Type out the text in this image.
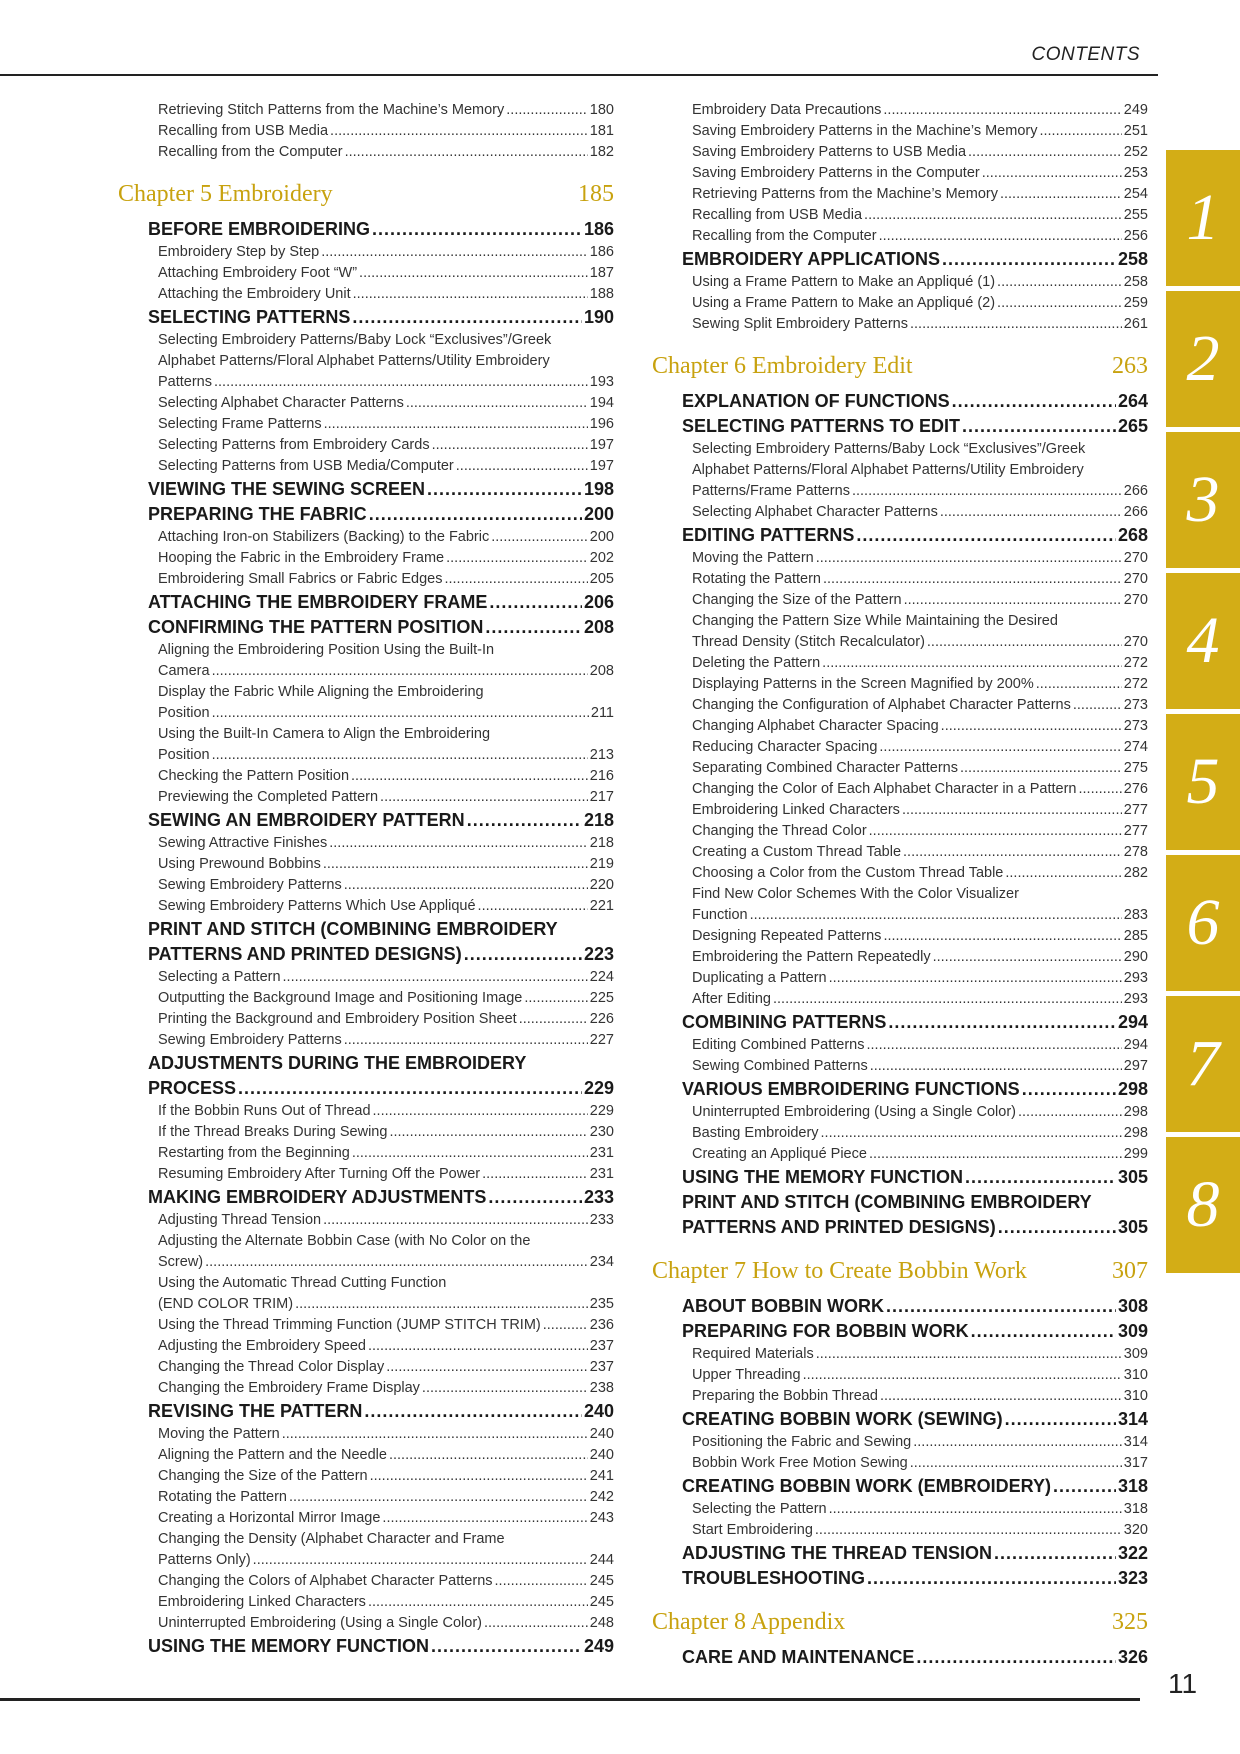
CONTENTS
Retrieving Stitch Patterns from the Machine’s Memory .....	180
Recalling from USB Media .....	181
Recalling from the Computer .....	182
Chapter 5 Embroidery	185
BEFORE EMBROIDERING .....	186
Embroidery Step by Step .....	186
Attaching Embroidery Foot “W” .....	187
Attaching the Embroidery Unit .....	188
SELECTING PATTERNS .....	190
Selecting Embroidery Patterns/Baby Lock “Exclusives”/Greek
Alphabet Patterns/Floral Alphabet Patterns/Utility Embroidery
Patterns .....	193
Selecting Alphabet Character Patterns .....	194
Selecting Frame Patterns .....	196
Selecting Patterns from Embroidery Cards .....	197
Selecting Patterns from USB Media/Computer .....	197
VIEWING THE SEWING SCREEN .....	198
PREPARING THE FABRIC .....	200
Attaching Iron-on Stabilizers (Backing) to the Fabric .....	200
Hooping the Fabric in the Embroidery Frame .....	202
Embroidering Small Fabrics or Fabric Edges .....	205
ATTACHING THE EMBROIDERY FRAME .....	206
CONFIRMING THE PATTERN POSITION .....	208
Aligning the Embroidering Position Using the Built-In
Camera .....	208
Display the Fabric While Aligning the Embroidering
Position .....	211
Using the Built-In Camera to Align the Embroidering
Position .....	213
Checking the Pattern Position .....	216
Previewing the Completed Pattern .....	217
SEWING AN EMBROIDERY PATTERN .....	218
Sewing Attractive Finishes .....	218
Using Prewound Bobbins .....	219
Sewing Embroidery Patterns .....	220
Sewing Embroidery Patterns Which Use Appliqué .....	221
PRINT AND STITCH (COMBINING EMBROIDERY
PATTERNS AND PRINTED DESIGNS) .....	223
Selecting a Pattern .....	224
Outputting the Background Image and Positioning Image .....	225
Printing the Background and Embroidery Position Sheet .....	226
Sewing Embroidery Patterns .....	227
ADJUSTMENTS DURING THE EMBROIDERY
PROCESS .....	229
If the Bobbin Runs Out of Thread .....	229
If the Thread Breaks During Sewing .....	230
Restarting from the Beginning .....	231
Resuming Embroidery After Turning Off the Power .....	231
MAKING EMBROIDERY ADJUSTMENTS .....	233
Adjusting Thread Tension .....	233
Adjusting the Alternate Bobbin Case (with No Color on the
Screw) .....	234
Using the Automatic Thread Cutting Function
(END COLOR TRIM) .....	235
Using the Thread Trimming Function (JUMP STITCH TRIM) .....	236
Adjusting the Embroidery Speed .....	237
Changing the Thread Color Display .....	237
Changing the Embroidery Frame Display .....	238
REVISING THE PATTERN .....	240
Moving the Pattern .....	240
Aligning the Pattern and the Needle .....	240
Changing the Size of the Pattern .....	241
Rotating the Pattern .....	242
Creating a Horizontal Mirror Image .....	243
Changing the Density (Alphabet Character and Frame
Patterns Only) .....	244
Changing the Colors of Alphabet Character Patterns .....	245
Embroidering Linked Characters .....	245
Uninterrupted Embroidering (Using a Single Color) .....	248
USING THE MEMORY FUNCTION .....	249
Embroidery Data Precautions .....	249
Saving Embroidery Patterns in the Machine’s Memory .....	251
Saving Embroidery Patterns to USB Media .....	252
Saving Embroidery Patterns in the Computer .....	253
Retrieving Patterns from the Machine’s Memory .....	254
Recalling from USB Media .....	255
Recalling from the Computer .....	256
EMBROIDERY APPLICATIONS .....	258
Using a Frame Pattern to Make an Appliqué (1) .....	258
Using a Frame Pattern to Make an Appliqué (2) .....	259
Sewing Split Embroidery Patterns .....	261
Chapter 6 Embroidery Edit	263
EXPLANATION OF FUNCTIONS .....	264
SELECTING PATTERNS TO EDIT .....	265
Selecting Embroidery Patterns/Baby Lock “Exclusives”/Greek
Alphabet Patterns/Floral Alphabet Patterns/Utility Embroidery
Patterns/Frame Patterns .....	266
Selecting Alphabet Character Patterns .....	266
EDITING PATTERNS .....	268
Moving the Pattern .....	270
Rotating the Pattern .....	270
Changing the Size of the Pattern .....	270
Changing the Pattern Size While Maintaining the Desired
Thread Density (Stitch Recalculator) .....	270
Deleting the Pattern .....	272
Displaying Patterns in the Screen Magnified by 200% .....	272
Changing the Configuration of Alphabet Character Patterns .....	273
Changing Alphabet Character Spacing .....	273
Reducing Character Spacing .....	274
Separating Combined Character Patterns .....	275
Changing the Color of Each Alphabet Character in a Pattern .....	276
Embroidering Linked Characters .....	277
Changing the Thread Color .....	277
Creating a Custom Thread Table .....	278
Choosing a Color from the Custom Thread Table .....	282
Find New Color Schemes With the Color Visualizer
Function .....	283
Designing Repeated Patterns .....	285
Embroidering the Pattern Repeatedly .....	290
Duplicating a Pattern .....	293
After Editing .....	293
COMBINING PATTERNS .....	294
Editing Combined Patterns .....	294
Sewing Combined Patterns .....	297
VARIOUS EMBROIDERING FUNCTIONS .....	298
Uninterrupted Embroidering (Using a Single Color) .....	298
Basting Embroidery .....	298
Creating an Appliqué Piece .....	299
USING THE MEMORY FUNCTION .....	305
PRINT AND STITCH (COMBINING EMBROIDERY
PATTERNS AND PRINTED DESIGNS) .....	305
Chapter 7 How to Create Bobbin Work	307
ABOUT BOBBIN WORK .....	308
PREPARING FOR BOBBIN WORK .....	309
Required Materials .....	309
Upper Threading .....	310
Preparing the Bobbin Thread .....	310
CREATING BOBBIN WORK (SEWING) .....	314
Positioning the Fabric and Sewing .....	314
Bobbin Work Free Motion Sewing .....	317
CREATING BOBBIN WORK (EMBROIDERY) .....	318
Selecting the Pattern .....	318
Start Embroidering .....	320
ADJUSTING THE THREAD TENSION .....	322
TROUBLESHOOTING .....	323
Chapter 8 Appendix	325
CARE AND MAINTENANCE .....	326
1
2
3
4
5
6
7
8
11
